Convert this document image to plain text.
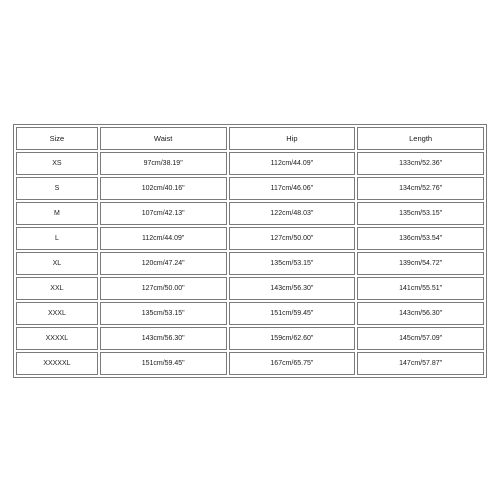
Size	Waist	Hip	Length
XS	97cm/38.19"	112cm/44.09"	133cm/52.36"
S	102cm/40.16"	117cm/46.06"	134cm/52.76"
M	107cm/42.13"	122cm/48.03"	135cm/53.15"
L	112cm/44.09"	127cm/50.00"	136cm/53.54"
XL	120cm/47.24"	135cm/53.15"	139cm/54.72"
XXL	127cm/50.00"	143cm/56.30"	141cm/55.51"
XXXL	135cm/53.15"	151cm/59.45"	143cm/56.30"
XXXXL	143cm/56.30"	159cm/62.60"	145cm/57.09"
XXXXXL	151cm/59.45"	167cm/65.75"	147cm/57.87"
